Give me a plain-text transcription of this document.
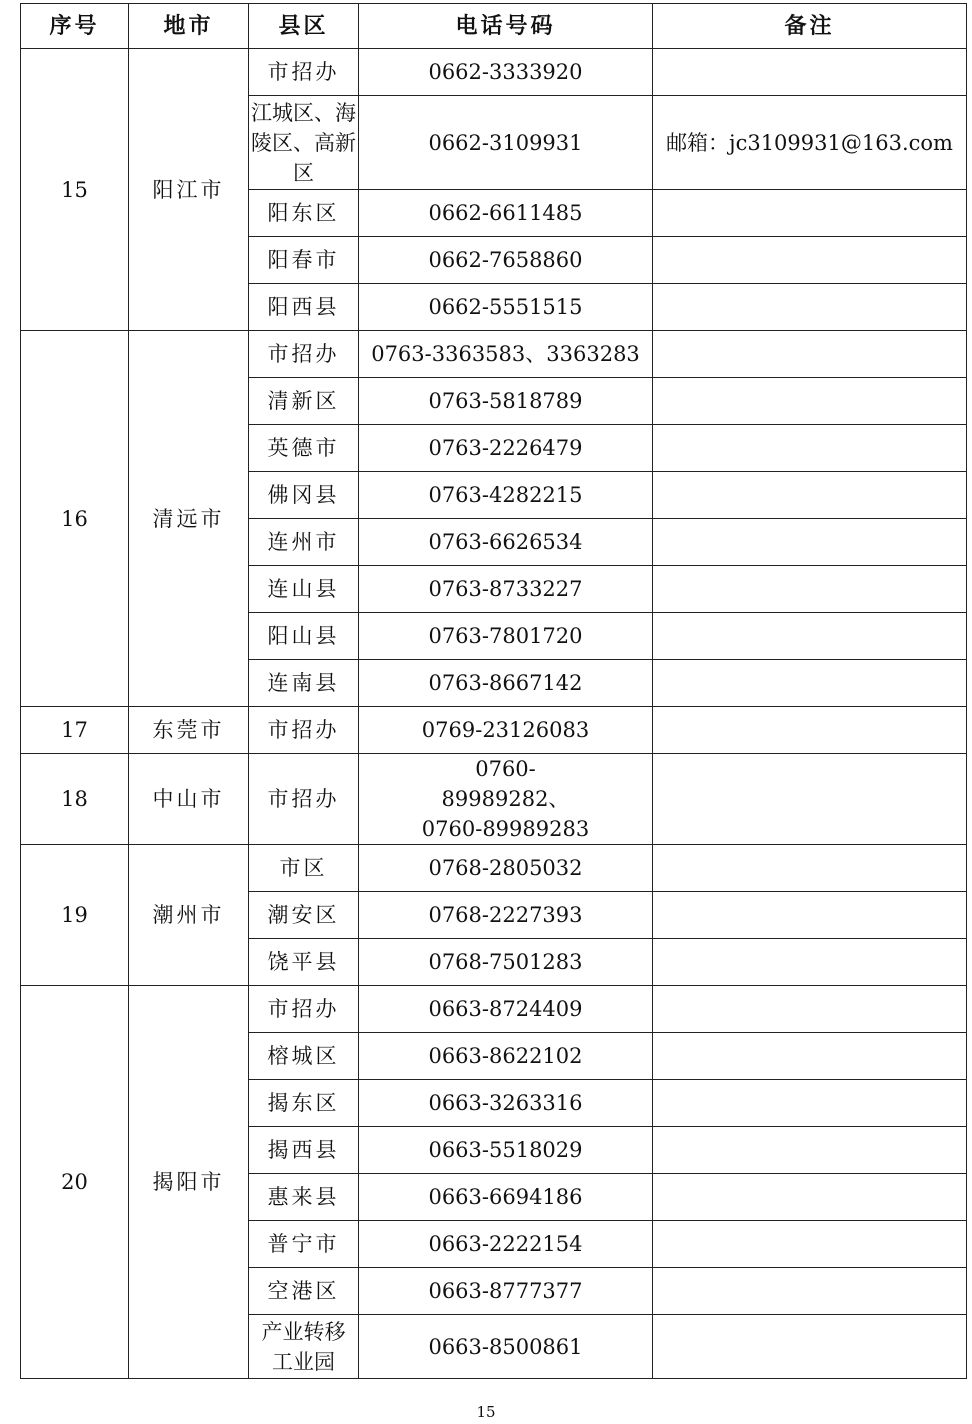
序号	地市	县区	电话号码	备注
15	阳江市	市招办	0662-3333920	
		江城区、海陵区、高新区	0662-3109931	邮箱：jc3109931@163.com
		阳东区	0662-6611485	
		阳春市	0662-7658860	
		阳西县	0662-5551515	
16	清远市	市招办	0763-3363583、3363283	
		清新区	0763-5818789	
		英德市	0763-2226479	
		佛冈县	0763-4282215	
		连州市	0763-6626534	
		连山县	0763-8733227	
		阳山县	0763-7801720	
		连南县	0763-8667142	
17	东莞市	市招办	0769-23126083	
18	中山市	市招办	0760-89989282、0760-89989283	
19	潮州市	市区	0768-2805032	
		潮安区	0768-2227393	
		饶平县	0768-7501283	
20	揭阳市	市招办	0663-8724409	
		榕城区	0663-8622102	
		揭东区	0663-3263316	
		揭西县	0663-5518029	
		惠来县	0663-6694186	
		普宁市	0663-2222154	
		空港区	0663-8777377	
		产业转移工业园	0663-8500861	
15
